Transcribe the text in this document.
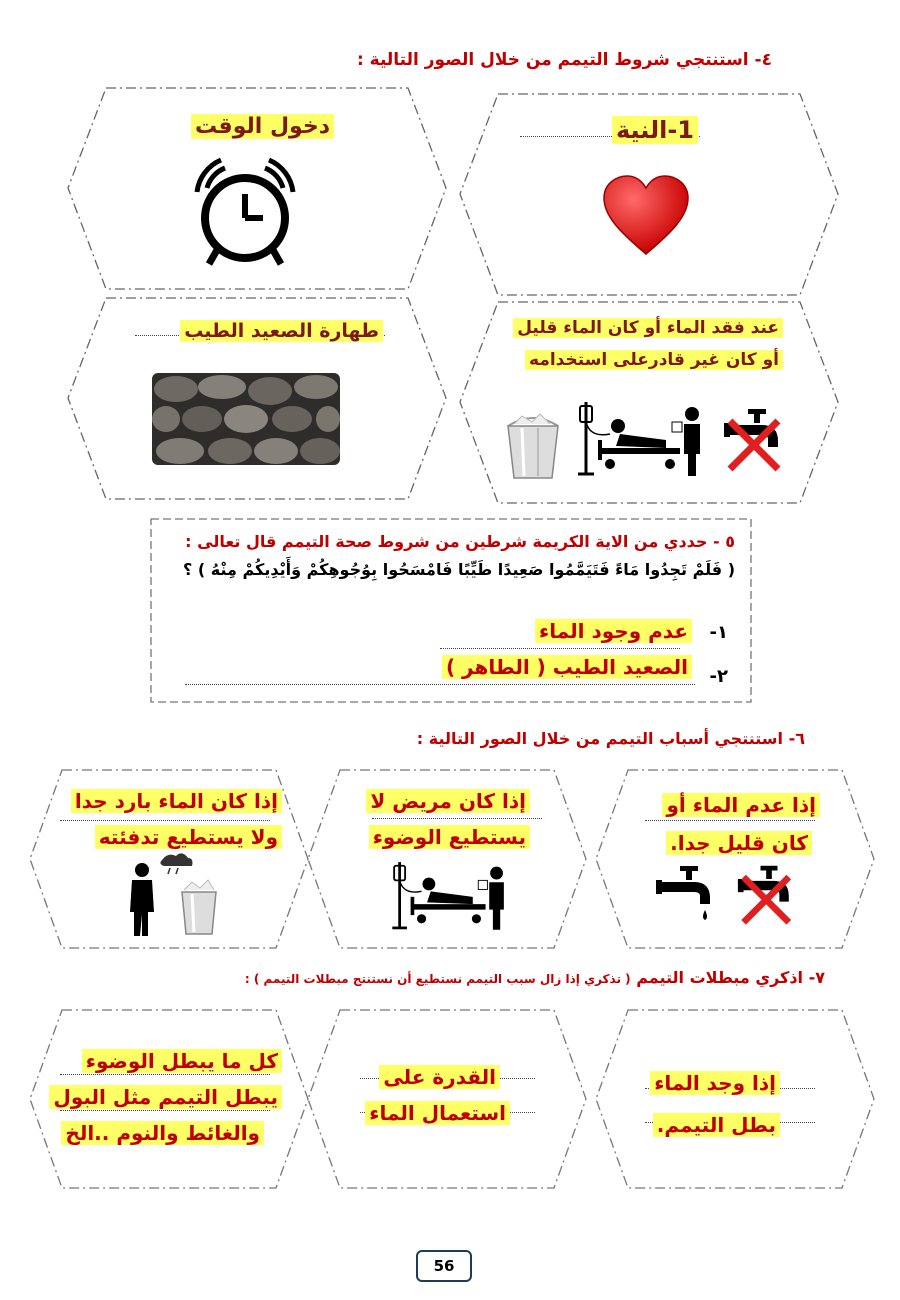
٤- استنتجي شروط التيمم من خلال الصور التالية :
1-النية
دخول الوقت
عند فقد الماء أو كان الماء قليل
أو كان غير قادرعلى استخدامه
طهارة الصعيد الطيب
٥ - حددي من الاية الكريمة شرطين من شروط صحة التيمم قال تعالى :
( فَلَمْ تَجِدُوا مَاءً فَتَيَمَّمُوا صَعِيدًا طَيِّبًا فَامْسَحُوا بِوُجُوهِكُمْ وَأَيْدِيكُمْ مِنْهُ ) ؟
١-
عدم وجود الماء
٢-
الصعيد الطيب ( الطاهر )
٦- استنتجي أسباب التيمم من خلال الصور التالية :
إذا عدم الماء أو
كان قليل جدا.
إذا كان مريض لا
يستطيع الوضوء
إذا كان الماء بارد جدا
ولا يستطيع تدفئته
٧- اذكري مبطلات التيمم ( تذكري إذا زال سبب التيمم نستطيع أن نستنتج مبطلات التيمم ) :
إذا وجد الماء
بطل التيمم.
القدرة على
استعمال الماء
كل ما يبطل الوضوء
يبطل التيمم مثل البول
والغائط والنوم ..الخ
56
